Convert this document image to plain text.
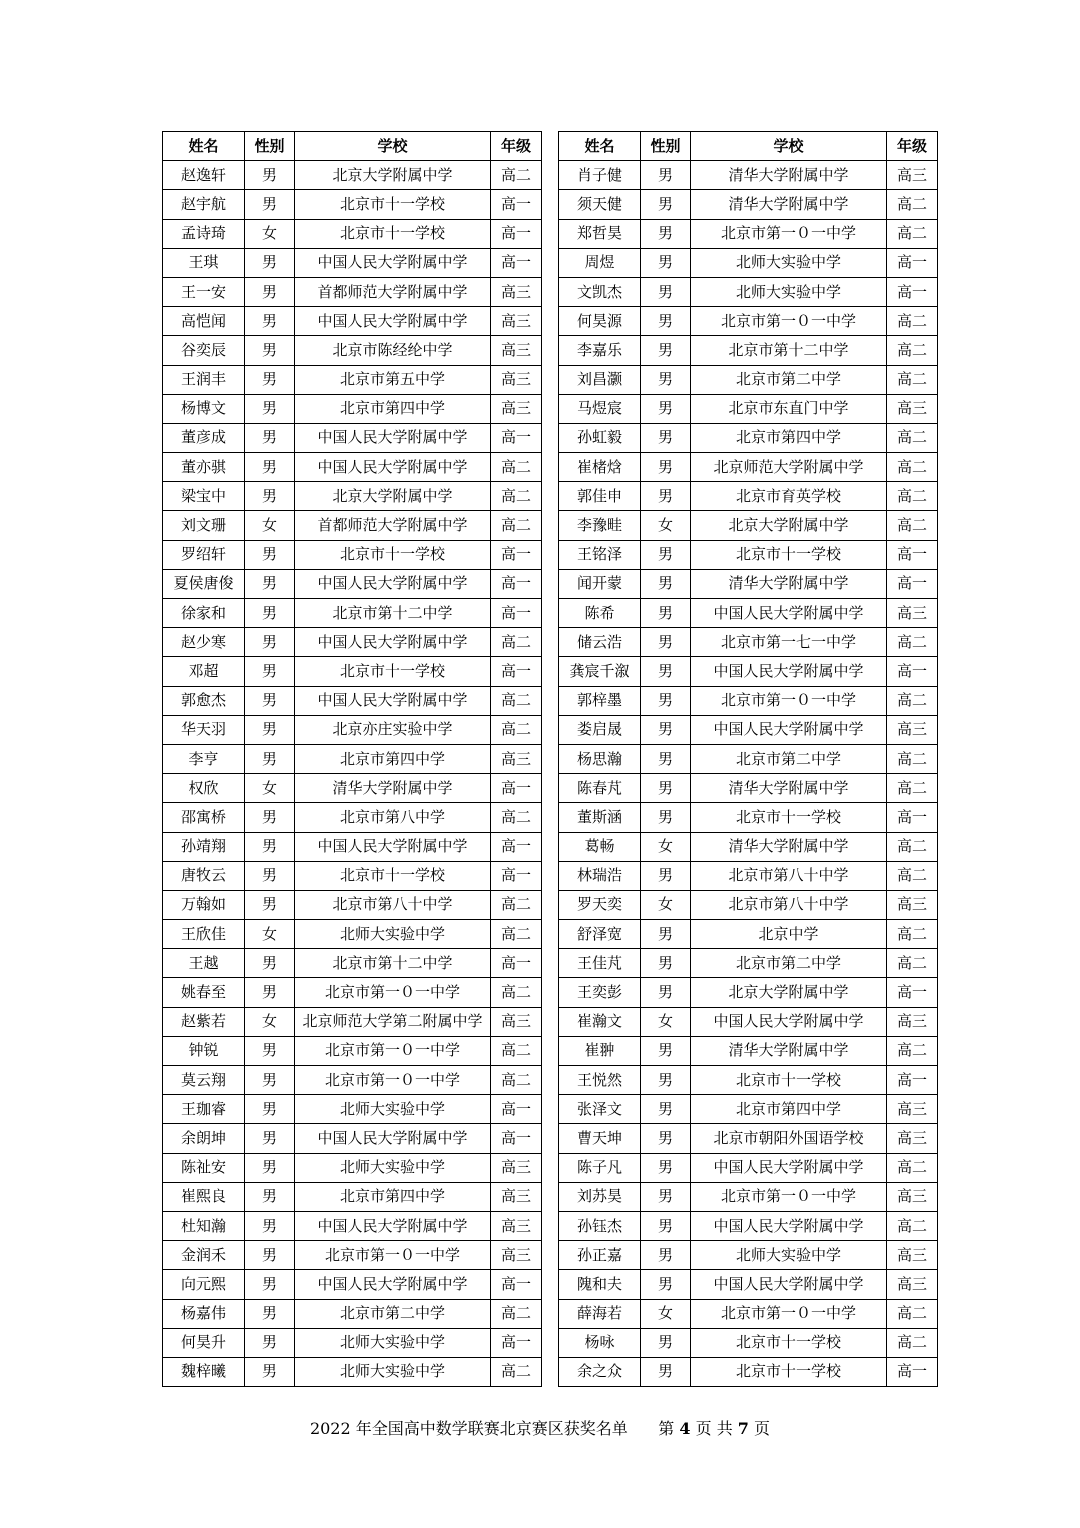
姓名	性别	学校	年级
赵逸轩	男	北京大学附属中学	高二
赵宇航	男	北京市十一学校	高一
孟诗琦	女	北京市十一学校	高一
王琪	男	中国人民大学附属中学	高一
王一安	男	首都师范大学附属中学	高三
高恺闻	男	中国人民大学附属中学	高三
谷奕辰	男	北京市陈经纶中学	高三
王润丰	男	北京市第五中学	高三
杨博文	男	北京市第四中学	高三
董彦成	男	中国人民大学附属中学	高一
董亦骐	男	中国人民大学附属中学	高二
梁宝中	男	北京大学附属中学	高二
刘文珊	女	首都师范大学附属中学	高二
罗绍轩	男	北京市十一学校	高一
夏侯唐俊	男	中国人民大学附属中学	高一
徐家和	男	北京市第十二中学	高一
赵少寒	男	中国人民大学附属中学	高二
邓超	男	北京市十一学校	高一
郭愈杰	男	中国人民大学附属中学	高二
华天羽	男	北京亦庄实验中学	高二
李亨	男	北京市第四中学	高三
权欣	女	清华大学附属中学	高一
邵寓桥	男	北京市第八中学	高二
孙靖翔	男	中国人民大学附属中学	高一
唐牧云	男	北京市十一学校	高一
万翰如	男	北京市第八十中学	高二
王欣佳	女	北师大实验中学	高二
王越	男	北京市第十二中学	高一
姚春至	男	北京市第一０一中学	高二
赵紫若	女	北京师范大学第二附属中学	高三
钟锐	男	北京市第一０一中学	高二
莫云翔	男	北京市第一０一中学	高二
王珈睿	男	北师大实验中学	高一
余朗坤	男	中国人民大学附属中学	高一
陈祉安	男	北师大实验中学	高三
崔熙良	男	北京市第四中学	高三
杜知瀚	男	中国人民大学附属中学	高三
金润禾	男	北京市第一０一中学	高三
向元熙	男	中国人民大学附属中学	高一
杨嘉伟	男	北京市第二中学	高二
何昊升	男	北师大实验中学	高一
魏梓曦	男	北师大实验中学	高二
姓名	性别	学校	年级
肖子健	男	清华大学附属中学	高三
须天健	男	清华大学附属中学	高二
郑哲昊	男	北京市第一０一中学	高二
周煜	男	北师大实验中学	高一
文凯杰	男	北师大实验中学	高一
何昊源	男	北京市第一０一中学	高二
李嘉乐	男	北京市第十二中学	高二
刘昌灏	男	北京市第二中学	高二
马煜宸	男	北京市东直门中学	高三
孙虹毅	男	北京市第四中学	高二
崔楮焓	男	北京师范大学附属中学	高二
郭佳申	男	北京市育英学校	高二
李豫畦	女	北京大学附属中学	高二
王铭泽	男	北京市十一学校	高一
闻开蒙	男	清华大学附属中学	高一
陈希	男	中国人民大学附属中学	高三
储云浩	男	北京市第一七一中学	高二
龚宸千溆	男	中国人民大学附属中学	高一
郭梓墨	男	北京市第一０一中学	高二
娄启晟	男	中国人民大学附属中学	高三
杨思瀚	男	北京市第二中学	高二
陈春芃	男	清华大学附属中学	高二
董斯涵	男	北京市十一学校	高一
葛畅	女	清华大学附属中学	高二
林瑞浩	男	北京市第八十中学	高二
罗天奕	女	北京市第八十中学	高三
舒泽宽	男	北京中学	高二
王佳芃	男	北京市第二中学	高二
王奕彭	男	北京大学附属中学	高一
崔瀚文	女	中国人民大学附属中学	高三
崔翀	男	清华大学附属中学	高二
王悦然	男	北京市十一学校	高一
张泽文	男	北京市第四中学	高三
曹天坤	男	北京市朝阳外国语学校	高三
陈子凡	男	中国人民大学附属中学	高二
刘苏昊	男	北京市第一０一中学	高三
孙钰杰	男	中国人民大学附属中学	高二
孙正嘉	男	北师大实验中学	高三
隗和夫	男	中国人民大学附属中学	高三
薛海若	女	北京市第一０一中学	高二
杨咏	男	北京市十一学校	高二
余之众	男	北京市十一学校	高一
2022 年全国高中数学联赛北京赛区获奖名单 第 4 页 共 7 页
